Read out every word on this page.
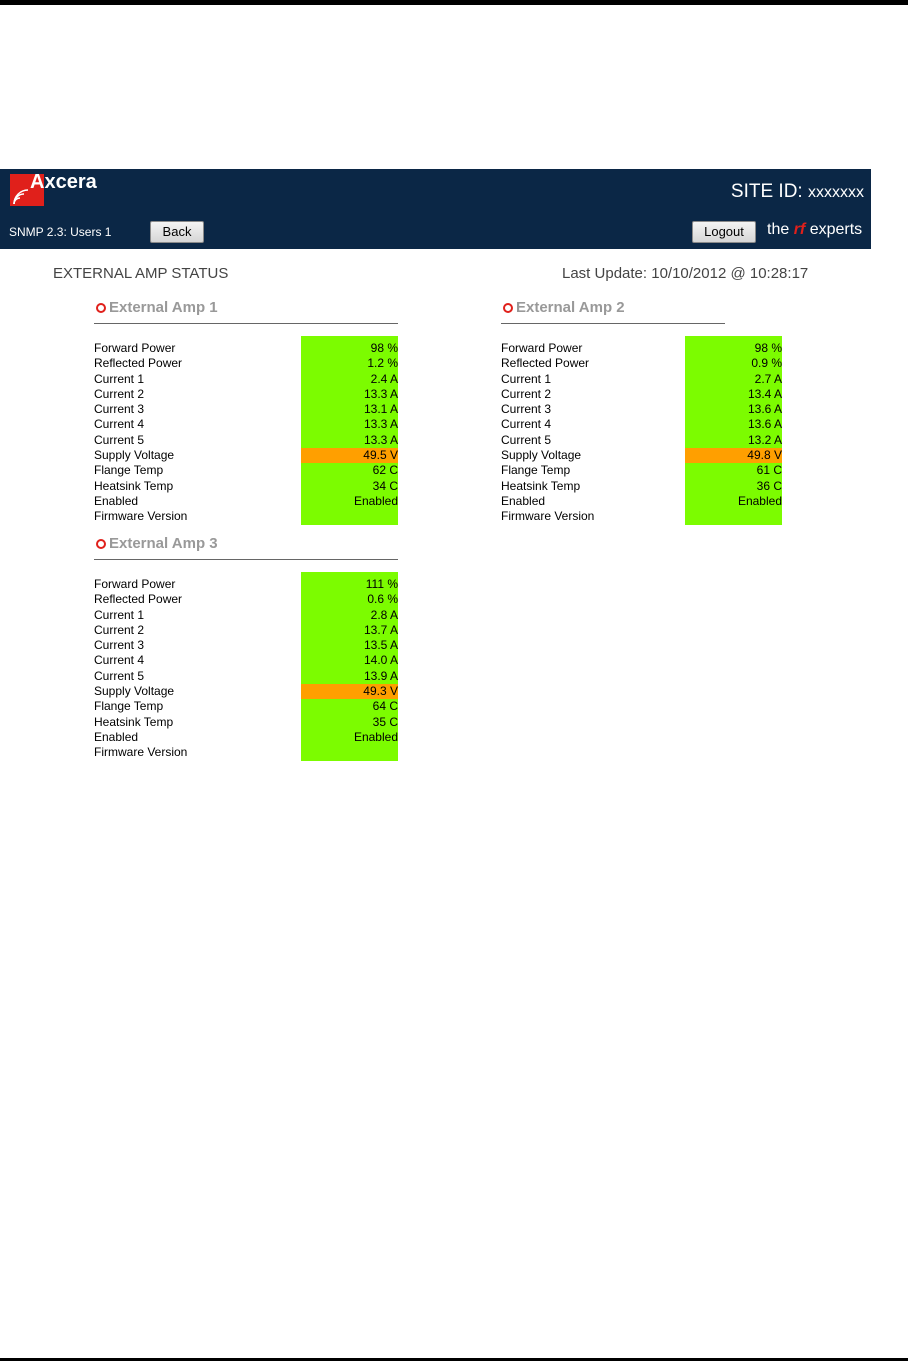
Axcera	SITE ID: xxxxxxx
SNMP 2.3: Users 1	Back	Logout	the rf experts
EXTERNAL AMP STATUS	Last Update: 10/10/2012 @ 10:28:17
External Amp 1
Forward Power	98 %
Reflected Power	1.2 %
Current 1	2.4 A
Current 2	13.3 A
Current 3	13.1 A
Current 4	13.3 A
Current 5	13.3 A
Supply Voltage	49.5 V
Flange Temp	62 C
Heatsink Temp	34 C
Enabled	Enabled
Firmware Version
External Amp 2
Forward Power	98 %
Reflected Power	0.9 %
Current 1	2.7 A
Current 2	13.4 A
Current 3	13.6 A
Current 4	13.6 A
Current 5	13.2 A
Supply Voltage	49.8 V
Flange Temp	61 C
Heatsink Temp	36 C
Enabled	Enabled
Firmware Version
External Amp 3
Forward Power	111 %
Reflected Power	0.6 %
Current 1	2.8 A
Current 2	13.7 A
Current 3	13.5 A
Current 4	14.0 A
Current 5	13.9 A
Supply Voltage	49.3 V
Flange Temp	64 C
Heatsink Temp	35 C
Enabled	Enabled
Firmware Version
